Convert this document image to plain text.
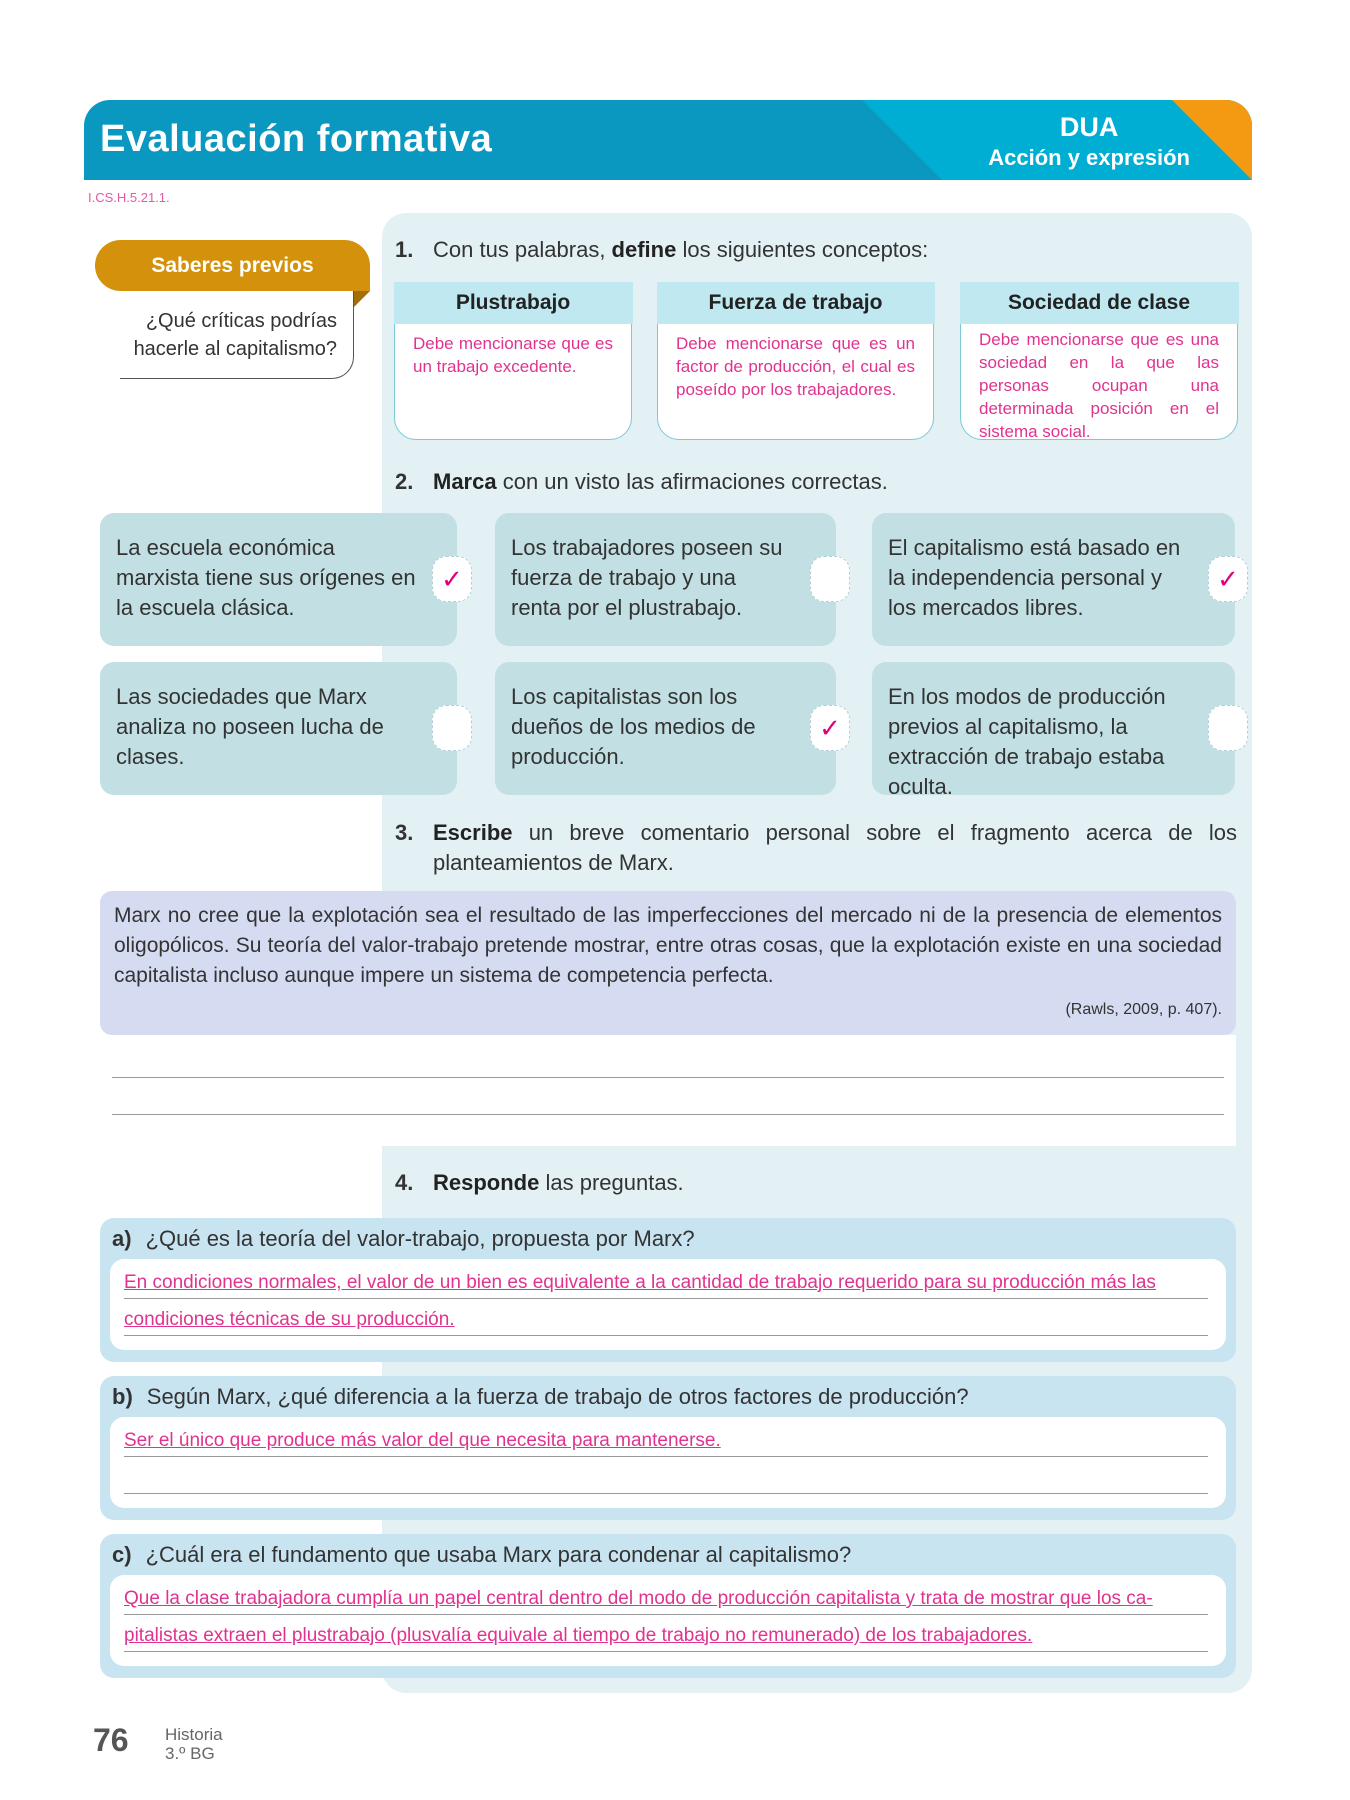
Evaluación formativa	DUA
Acción y expresión
I.CS.H.5.21.1.
Saberes previos
¿Qué críticas podrías hacerle al capitalismo?
1. Con tus palabras, define los siguientes conceptos:
Plustrabajo
Debe mencionarse que es un trabajo excedente.
Fuerza de trabajo
Debe mencionarse que es un factor de producción, el cual es poseído por los trabajadores.
Sociedad de clase
Debe mencionarse que es una sociedad en la que las personas ocupan una determinada posición en el sistema social.
2. Marca con un visto las afirmaciones correctas.
La escuela económica marxista tiene sus orígenes en la escuela clásica.
✓
Los trabajadores poseen su fuerza de trabajo y una renta por el plustrabajo.
El capitalismo está basado en la independencia personal y los mercados libres.
✓
Las sociedades que Marx analiza no poseen lucha de clases.
Los capitalistas son los dueños de los medios de producción.
✓
En los modos de producción previos al capitalismo, la extracción de trabajo estaba oculta.
3. Escribe un breve comentario personal sobre el fragmento acerca de los planteamientos de Marx.
Marx no cree que la explotación sea el resultado de las imperfecciones del mercado ni de la presencia de elementos oligopólicos. Su teoría del valor-trabajo pretende mostrar, entre otras cosas, que la explotación existe en una sociedad capitalista incluso aunque impere un sistema de competencia perfecta.
(Rawls, 2009, p. 407).
4. Responde las preguntas.
a) ¿Qué es la teoría del valor-trabajo, propuesta por Marx?
En condiciones normales, el valor de un bien es equivalente a la cantidad de trabajo requerido para su producción más las
condiciones técnicas de su producción.
b) Según Marx, ¿qué diferencia a la fuerza de trabajo de otros factores de producción?
Ser el único que produce más valor del que necesita para mantenerse.
c) ¿Cuál era el fundamento que usaba Marx para condenar al capitalismo?
Que la clase trabajadora cumplía un papel central dentro del modo de producción capitalista y trata de mostrar que los ca-
pitalistas extraen el plustrabajo (plusvalía equivale al tiempo de trabajo no remunerado) de los trabajadores.
76 Historia
3.º BG
